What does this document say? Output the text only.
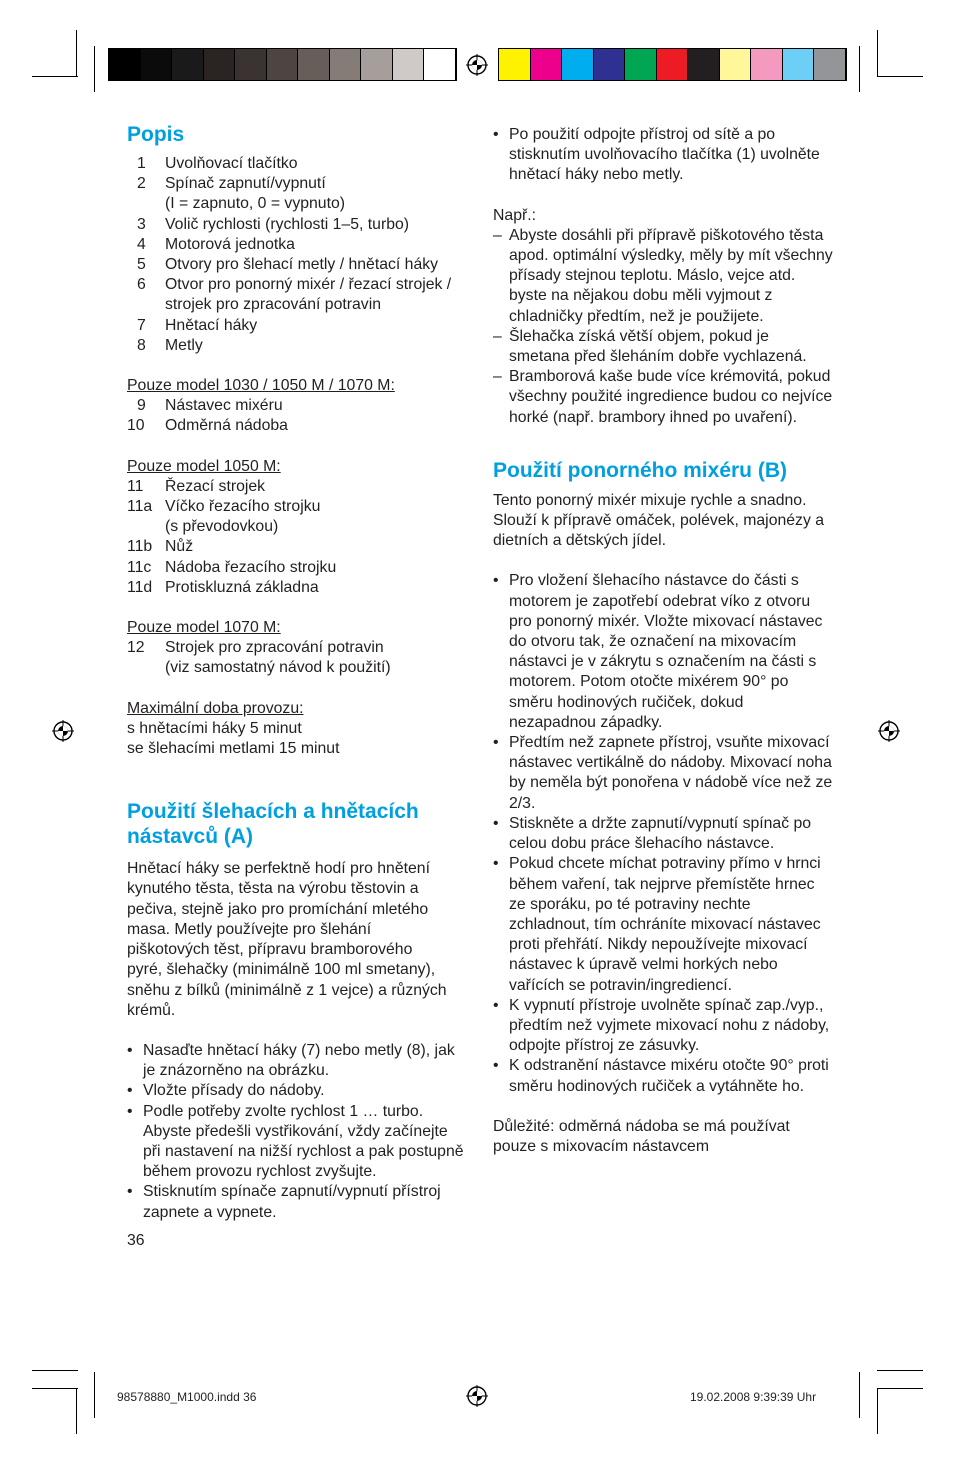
Popis
1	Uvolňovací tlačítko
2	Spínač zapnutí/vypnutí
(I = zapnuto, 0 = vypnuto)
3	Volič rychlosti (rychlosti 1–5, turbo)
4	Motorová jednotka
5	Otvory pro šlehací metly / hnětací háky
6	Otvor pro ponorný mixér / řezací strojek / strojek pro zpracování potravin
7	Hnětací háky
8	Metly
Pouze model 1030 / 1050 M / 1070 M:
9	Nástavec mixéru
10	Odměrná nádoba
Pouze model 1050 M:
11	Řezací strojek
11a Víčko řezacího strojku
(s převodovkou)
11b Nůž
11c Nádoba řezacího strojku
11d Protiskluzná základna
Pouze model 1070 M:
12	Strojek pro zpracování potravin
(viz samostatný návod k použití)
Maximální doba provozu:
s hnětacími háky 5 minut
se šlehacími metlami 15 minut
Použití šlehacích a hnětacích nástavců (A)
Hnětací háky se perfektně hodí pro hnětení kynutého těsta, těsta na výrobu těstovin a pečiva, stejně jako pro promíchání mletého masa. Metly používejte pro šlehání piškotových těst, přípravu bramborového pyré, šlehačky (minimálně 100 ml smetany), sněhu z bílků (minimálně z 1 vejce) a různých krémů.
• Nasaďte hnětací háky (7) nebo metly (8), jak je znázorněno na obrázku.
• Vložte přísady do nádoby.
• Podle potřeby zvolte rychlost 1 … turbo. Abyste předešli vystřikování, vždy začínejte při nastavení na nižší rychlost a pak postupně během provozu rychlost zvyšujte.
• Stisknutím spínače zapnutí/vypnutí přístroj zapnete a vypnete.
36
• Po použití odpojte přístroj od sítě a po stisknutím uvolňovacího tlačítka (1) uvolněte hnětací háky nebo metly.
Např.:
– Abyste dosáhli při přípravě piškotového těsta apod. optimální výsledky, měly by mít všechny přísady stejnou teplotu. Máslo, vejce atd. byste na nějakou dobu měli vyjmout z chladničky předtím, než je použijete.
– Šlehačka získá větší objem, pokud je smetana před šleháním dobře vychlazená.
– Bramborová kaše bude více krémovitá, pokud všechny použité ingredience budou co nejvíce horké (např. brambory ihned po uvaření).
Použití ponorného mixéru (B)
Tento ponorný mixér mixuje rychle a snadno. Slouží k přípravě omáček, polévek, majonézy a dietních a dětských jídel.
• Pro vložení šlehacího nástavce do části s motorem je zapotřebí odebrat víko z otvoru pro ponorný mixér. Vložte mixovací nástavec do otvoru tak, že označení na mixovacím nástavci je v zákrytu s označením na části s motorem. Potom otočte mixérem 90° po směru hodinových ručiček, dokud nezapadnou západky.
• Předtím než zapnete přístroj, vsuňte mixovací nástavec vertikálně do nádoby. Mixovací noha by neměla být ponořena v nádobě více než ze 2/3.
• Stiskněte a držte zapnutí/vypnutí spínač po celou dobu práce šlehacího nástavce.
• Pokud chcete míchat potraviny přímo v hrnci během vaření, tak nejprve přemístěte hrnec ze sporáku, po té potraviny nechte zchladnout, tím ochráníte mixovací nástavec proti přehřátí. Nikdy nepoužívejte mixovací nástavec k úpravě velmi horkých nebo vařících se potravin/ingrediencí.
• K vypnutí přístroje uvolněte spínač zap./vyp., předtím než vyjmete mixovací nohu z nádoby, odpojte přístroj ze zásuvky.
• K odstranění nástavce mixéru otočte 90° proti směru hodinových ručiček a vytáhněte ho.
Důležité: odměrná nádoba se má používat pouze s mixovacím nástavcem
98578880_M1000.indd 36	19.02.2008 9:39:39 Uhr
